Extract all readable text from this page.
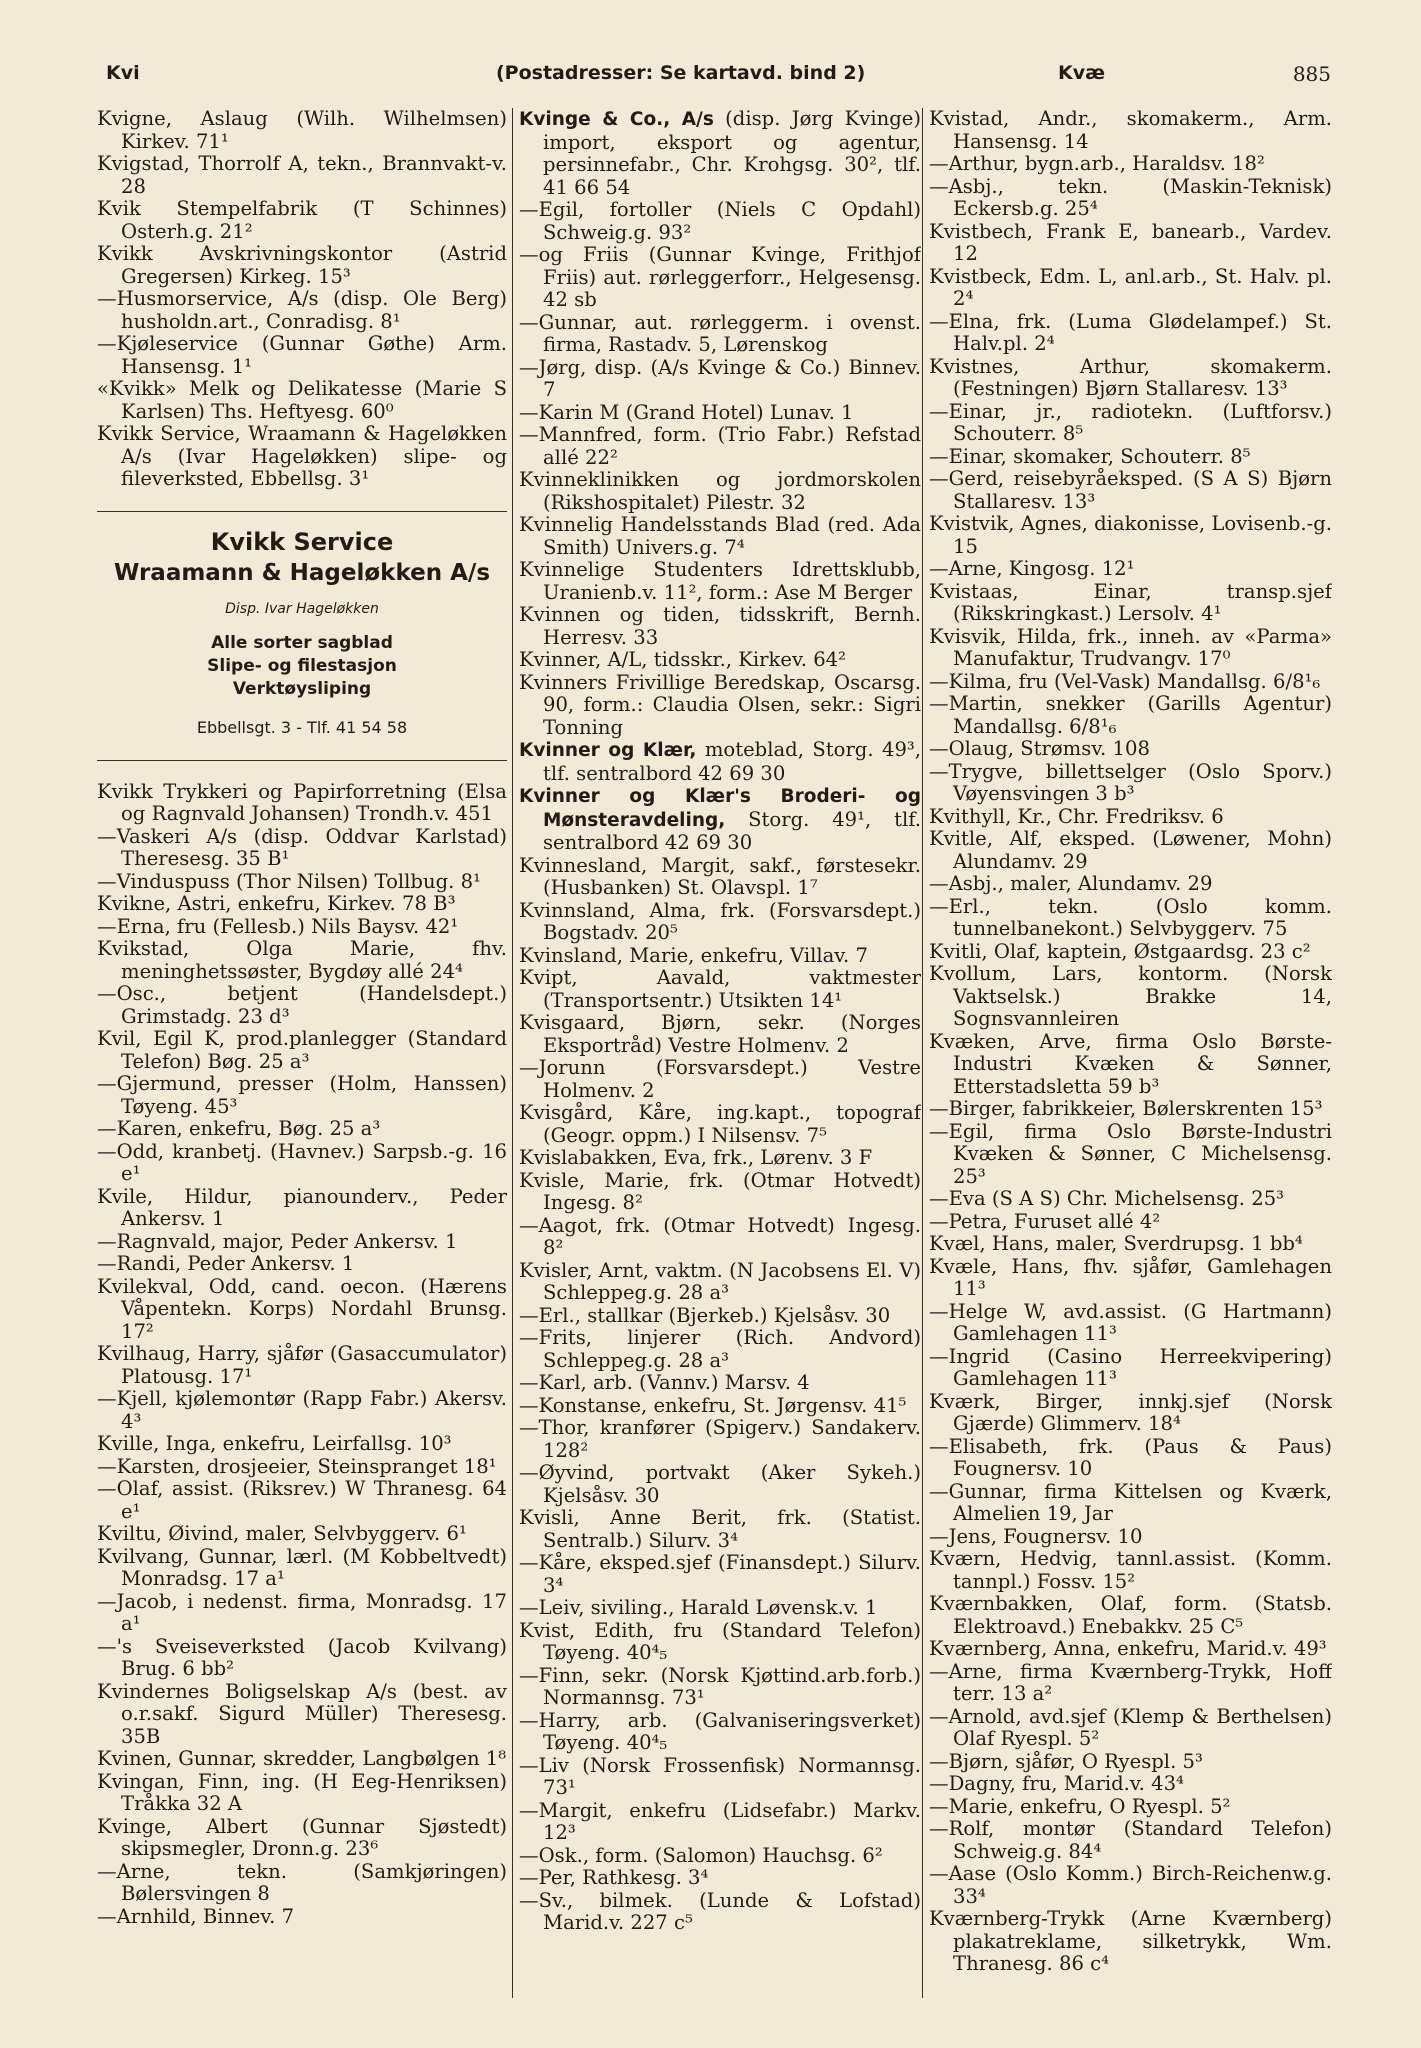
Kvi	(Postadresser: Se kartavd. bind 2)	Kvæ	885
Kvigne, Aslaug (Wilh. Wilhelmsen) Kirkev. 71¹
Kvigstad, Thorrolf A, tekn., Brannvakt-v. 28
Kvik Stempelfabrik (T Schinnes) Osterh.g. 21²
Kvikk Avskrivningskontor (Astrid Gregersen) Kirkeg. 15³
—Husmorservice, A/s (disp. Ole Berg) husholdn.art., Conradisg. 8¹
—Kjøleservice (Gunnar Gøthe) Arm. Hansensg. 1¹
«Kvikk» Melk og Delikatesse (Marie S Karlsen) Ths. Heftyesg. 60⁰
Kvikk Service, Wraamann & Hageløkken A/s (Ivar Hageløkken) slipe- og fileverksted, Ebbellsg. 3¹
Kvikk Service
Wraamann & Hageløkken A/s
Disp. Ivar Hageløkken
Alle sorter sagblad
Slipe- og filestasjon
Verktøysliping
Ebbellsgt. 3 - Tlf. 41 54 58
Kvikk Trykkeri og Papirforretning (Elsa og Ragnvald Johansen) Trondh.v. 451
—Vaskeri A/s (disp. Oddvar Karlstad) Theresesg. 35 B¹
—Vinduspuss (Thor Nilsen) Tollbug. 8¹
Kvikne, Astri, enkefru, Kirkev. 78 B³
—Erna, fru (Fellesb.) Nils Baysv. 42¹
Kvikstad, Olga Marie, fhv. meninghetssøster, Bygdøy allé 24⁴
—Osc., betjent (Handelsdept.) Grimstadg. 23 d³
Kvil, Egil K, prod.planlegger (Standard Telefon) Bøg. 25 a³
—Gjermund, presser (Holm, Hanssen) Tøyeng. 45³
—Karen, enkefru, Bøg. 25 a³
—Odd, kranbetj. (Havnev.) Sarpsb.-g. 16 e¹
Kvile, Hildur, pianounderv., Peder Ankersv. 1
—Ragnvald, major, Peder Ankersv. 1
—Randi, Peder Ankersv. 1
Kvilekval, Odd, cand. oecon. (Hærens Våpentekn. Korps) Nordahl Brunsg. 17²
Kvilhaug, Harry, sjåfør (Gasaccumulator) Platousg. 17¹
—Kjell, kjølemontør (Rapp Fabr.) Akersv. 4³
Kville, Inga, enkefru, Leirfallsg. 10³
—Karsten, drosjeeier, Steinspranget 18¹
—Olaf, assist. (Riksrev.) W Thranesg. 64 e¹
Kviltu, Øivind, maler, Selvbyggerv. 6¹
Kvilvang, Gunnar, lærl. (M Kobbeltvedt) Monradsg. 17 a¹
—Jacob, i nedenst. firma, Monradsg. 17 a¹
—'s Sveiseverksted (Jacob Kvilvang) Brug. 6 bb²
Kvindernes Boligselskap A/s (best. av o.r.sakf. Sigurd Müller) Theresesg. 35B
Kvinen, Gunnar, skredder, Langbølgen 1⁸
Kvingan, Finn, ing. (H Eeg-Henriksen) Tråkka 32 A
Kvinge, Albert (Gunnar Sjøstedt) skipsmegler, Dronn.g. 23⁶
—Arne, tekn. (Samkjøringen) Bølersvingen 8
—Arnhild, Binnev. 7
Kvinge & Co., A/s (disp. Jørg Kvinge) import, eksport og agentur, persinnefabr., Chr. Krohgsg. 30², tlf. 41 66 54
—Egil, fortoller (Niels C Opdahl) Schweig.g. 93²
—og Friis (Gunnar Kvinge, Frithjof Friis) aut. rørleggerforr., Helgesensg. 42 sb
—Gunnar, aut. rørleggerm. i ovenst. firma, Rastadv. 5, Lørenskog
—Jørg, disp. (A/s Kvinge & Co.) Binnev. 7
—Karin M (Grand Hotel) Lunav. 1
—Mannfred, form. (Trio Fabr.) Refstad allé 22²
Kvinneklinikken og jordmorskolen (Rikshospitalet) Pilestr. 32
Kvinnelig Handelsstands Blad (red. Ada Smith) Univers.g. 7⁴
Kvinnelige Studenters Idrettsklubb, Uranienb.v. 11², form.: Ase M Berger
Kvinnen og tiden, tidsskrift, Bernh. Herresv. 33
Kvinner, A/L, tidsskr., Kirkev. 64²
Kvinners Frivillige Beredskap, Oscarsg. 90, form.: Claudia Olsen, sekr.: Sigri Tonning
Kvinner og Klær, moteblad, Storg. 49³, tlf. sentralbord 42 69 30
Kvinner og Klær's Broderi- og Mønsteravdeling, Storg. 49¹, tlf. sentralbord 42 69 30
Kvinnesland, Margit, sakf., førstesekr. (Husbanken) St. Olavspl. 1⁷
Kvinnsland, Alma, frk. (Forsvarsdept.) Bogstadv. 20⁵
Kvinsland, Marie, enkefru, Villav. 7
Kvipt, Aavald, vaktmester (Transportsentr.) Utsikten 14¹
Kvisgaard, Bjørn, sekr. (Norges Eksportråd) Vestre Holmenv. 2
—Jorunn (Forsvarsdept.) Vestre Holmenv. 2
Kvisgård, Kåre, ing.kapt., topograf (Geogr. oppm.) I Nilsensv. 7⁵
Kvislabakken, Eva, frk., Lørenv. 3 F
Kvisle, Marie, frk. (Otmar Hotvedt) Ingesg. 8²
—Aagot, frk. (Otmar Hotvedt) Ingesg. 8²
Kvisler, Arnt, vaktm. (N Jacobsens El. V) Schleppeg.g. 28 a³
—Erl., stallkar (Bjerkeb.) Kjelsåsv. 30
—Frits, linjerer (Rich. Andvord) Schleppeg.g. 28 a³
—Karl, arb. (Vannv.) Marsv. 4
—Konstanse, enkefru, St. Jørgensv. 41⁵
—Thor, kranfører (Spigerv.) Sandakerv. 128²
—Øyvind, portvakt (Aker Sykeh.) Kjelsåsv. 30
Kvisli, Anne Berit, frk. (Statist. Sentralb.) Silurv. 3⁴
—Kåre, eksped.sjef (Finansdept.) Silurv. 3⁴
—Leiv, siviling., Harald Løvensk.v. 1
Kvist, Edith, fru (Standard Telefon) Tøyeng. 40⁴₅
—Finn, sekr. (Norsk Kjøttind.arb.forb.) Normannsg. 73¹
—Harry, arb. (Galvaniseringsverket) Tøyeng. 40⁴₅
—Liv (Norsk Frossenfisk) Normannsg. 73¹
—Margit, enkefru (Lidsefabr.) Markv. 12³
—Osk., form. (Salomon) Hauchsg. 6²
—Per, Rathkesg. 3⁴
—Sv., bilmek. (Lunde & Lofstad) Marid.v. 227 c⁵
Kvistad, Andr., skomakerm., Arm. Hansensg. 14
—Arthur, bygn.arb., Haraldsv. 18²
—Asbj., tekn. (Maskin-Teknisk) Eckersb.g. 25⁴
Kvistbech, Frank E, banearb., Vardev. 12
Kvistbeck, Edm. L, anl.arb., St. Halv. pl. 2⁴
—Elna, frk. (Luma Glødelampef.) St. Halv.pl. 2⁴
Kvistnes, Arthur, skomakerm. (Festningen) Bjørn Stallaresv. 13³
—Einar, jr., radiotekn. (Luftforsv.) Schouterr. 8⁵
—Einar, skomaker, Schouterr. 8⁵
—Gerd, reisebyråeksped. (S A S) Bjørn Stallaresv. 13³
Kvistvik, Agnes, diakonisse, Lovisenb.-g. 15
—Arne, Kingosg. 12¹
Kvistaas, Einar, transp.sjef (Rikskringkast.) Lersolv. 4¹
Kvisvik, Hilda, frk., inneh. av «Parma» Manufaktur, Trudvangv. 17⁰
—Kilma, fru (Vel-Vask) Mandallsg. 6/8¹₆
—Martin, snekker (Garills Agentur) Mandallsg. 6/8¹₆
—Olaug, Strømsv. 108
—Trygve, billettselger (Oslo Sporv.) Vøyensvingen 3 b³
Kvithyll, Kr., Chr. Fredriksv. 6
Kvitle, Alf, eksped. (Løwener, Mohn) Alundamv. 29
—Asbj., maler, Alundamv. 29
—Erl., tekn. (Oslo komm. tunnelbanekont.) Selvbyggerv. 75
Kvitli, Olaf, kaptein, Østgaardsg. 23 c²
Kvollum, Lars, kontorm. (Norsk Vaktselsk.) Brakke 14, Sognsvannleiren
Kvæken, Arve, firma Oslo Børste-Industri Kvæken & Sønner, Etterstadsletta 59 b³
—Birger, fabrikkeier, Bølerskrenten 15³
—Egil, firma Oslo Børste-Industri Kvæken & Sønner, C Michelsensg. 25³
—Eva (S A S) Chr. Michelsensg. 25³
—Petra, Furuset allé 4²
Kvæl, Hans, maler, Sverdrupsg. 1 bb⁴
Kvæle, Hans, fhv. sjåfør, Gamlehagen 11³
—Helge W, avd.assist. (G Hartmann) Gamlehagen 11³
—Ingrid (Casino Herreekvipering) Gamlehagen 11³
Kværk, Birger, innkj.sjef (Norsk Gjærde) Glimmerv. 18⁴
—Elisabeth, frk. (Paus & Paus) Fougnersv. 10
—Gunnar, firma Kittelsen og Kværk, Almelien 19, Jar
—Jens, Fougnersv. 10
Kværn, Hedvig, tannl.assist. (Komm. tannpl.) Fossv. 15²
Kværnbakken, Olaf, form. (Statsb. Elektroavd.) Enebakkv. 25 C⁵
Kværnberg, Anna, enkefru, Marid.v. 49³
—Arne, firma Kværnberg-Trykk, Hoff terr. 13 a²
—Arnold, avd.sjef (Klemp & Berthelsen) Olaf Ryespl. 5²
—Bjørn, sjåfør, O Ryespl. 5³
—Dagny, fru, Marid.v. 43⁴
—Marie, enkefru, O Ryespl. 5²
—Rolf, montør (Standard Telefon) Schweig.g. 84⁴
—Aase (Oslo Komm.) Birch-Reichenw.g. 33⁴
Kværnberg-Trykk (Arne Kværnberg) plakatreklame, silketrykk, Wm. Thranesg. 86 c⁴
